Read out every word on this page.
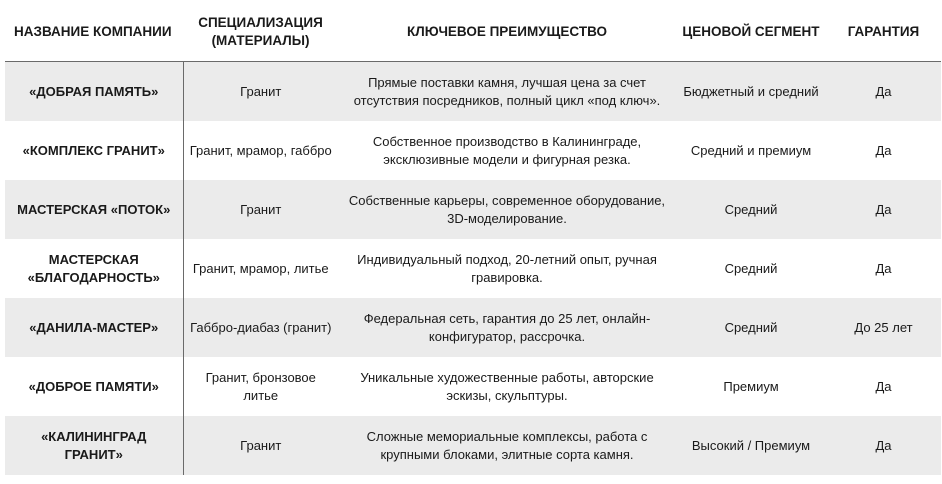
НАЗВАНИЕ КОМПАНИИ	СПЕЦИАЛИЗАЦИЯ (МАТЕРИАЛЫ)	КЛЮЧЕВОЕ ПРЕИМУЩЕСТВО	ЦЕНОВОЙ СЕГМЕНТ	ГАРАНТИЯ
«ДОБРАЯ ПАМЯТЬ»	Гранит	Прямые поставки камня, лучшая цена за счет отсутствия посредников, полный цикл «под ключ».	Бюджетный и средний	Да
«КОМПЛЕКС ГРАНИТ»	Гранит, мрамор, габбро	Собственное производство в Калининграде, эксклюзивные модели и фигурная резка.	Средний и премиум	Да
МАСТЕРСКАЯ «ПОТОК»	Гранит	Собственные карьеры, современное оборудование, 3D-моделирование.	Средний	Да
МАСТЕРСКАЯ «БЛАГОДАРНОСТЬ»	Гранит, мрамор, литье	Индивидуальный подход, 20-летний опыт, ручная гравировка.	Средний	Да
«ДАНИЛА-МАСТЕР»	Габбро-диабаз (гранит)	Федеральная сеть, гарантия до 25 лет, онлайн-конфигуратор, рассрочка.	Средний	До 25 лет
«ДОБРОЕ ПАМЯТИ»	Гранит, бронзовое литье	Уникальные художественные работы, авторские эскизы, скульптуры.	Премиум	Да
«КАЛИНИНГРАД ГРАНИТ»	Гранит	Сложные мемориальные комплексы, работа с крупными блоками, элитные сорта камня.	Высокий / Премиум	Да
